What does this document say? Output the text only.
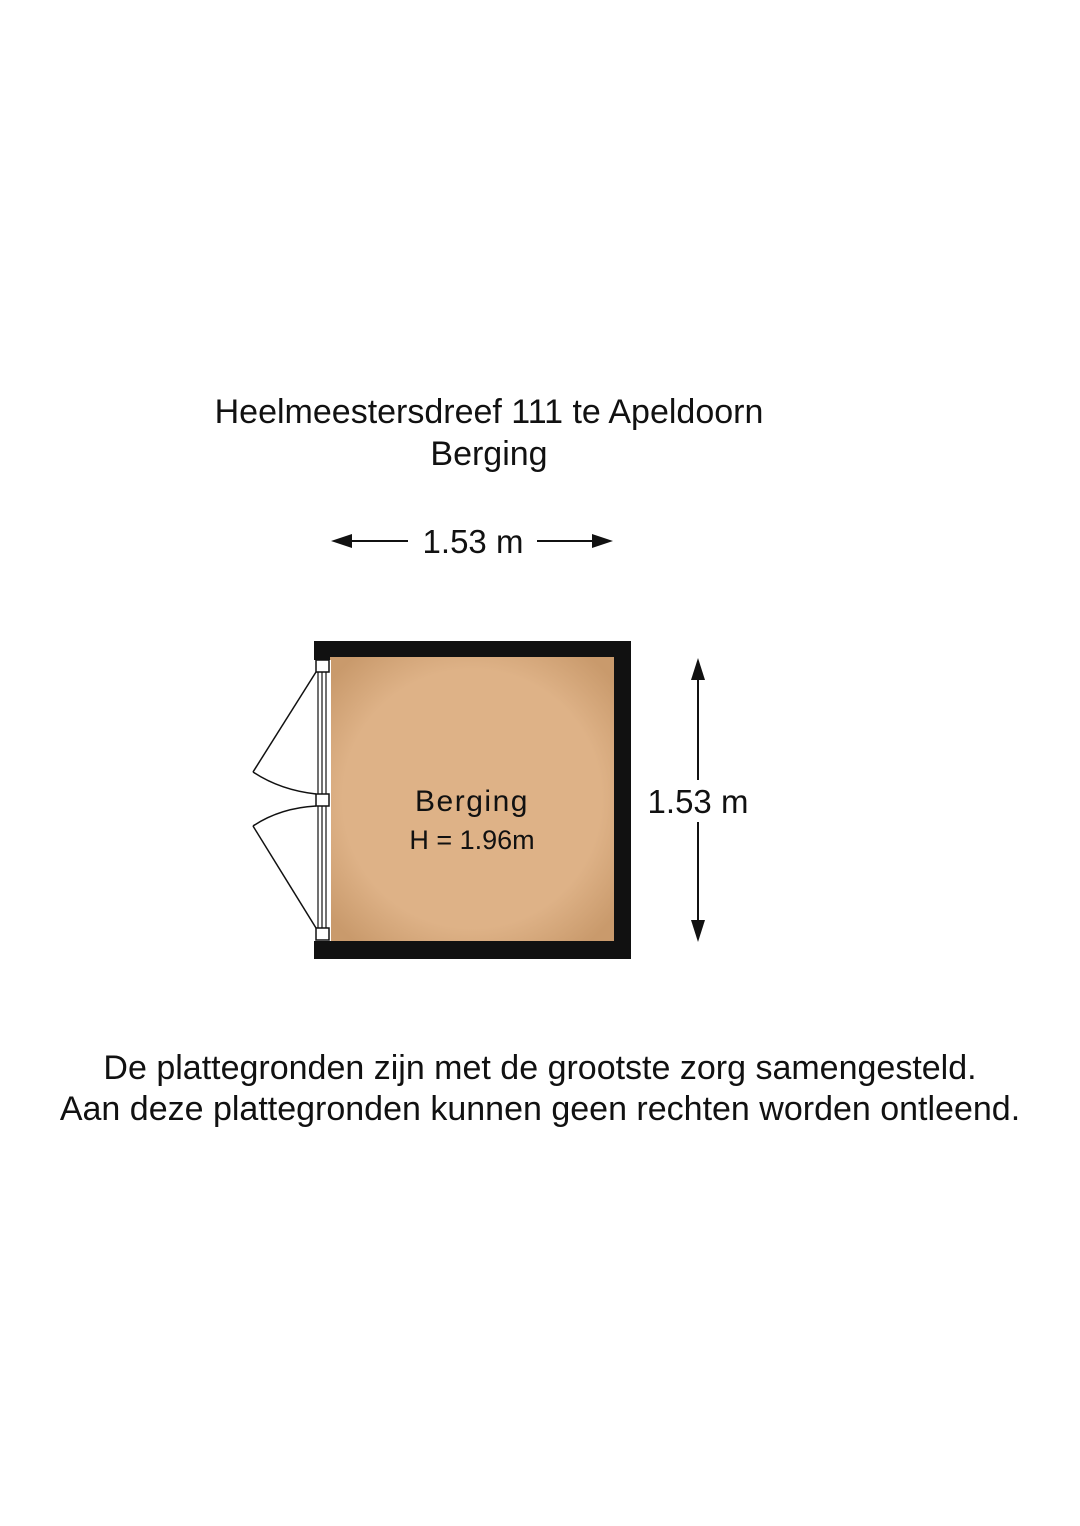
Heelmeestersdreef 111 te Apeldoorn
Berging
1.53 m
1.53 m
Berging
H = 1.96m
De plattegronden zijn met de grootste zorg samengesteld.
Aan deze plattegronden kunnen geen rechten worden ontleend.
